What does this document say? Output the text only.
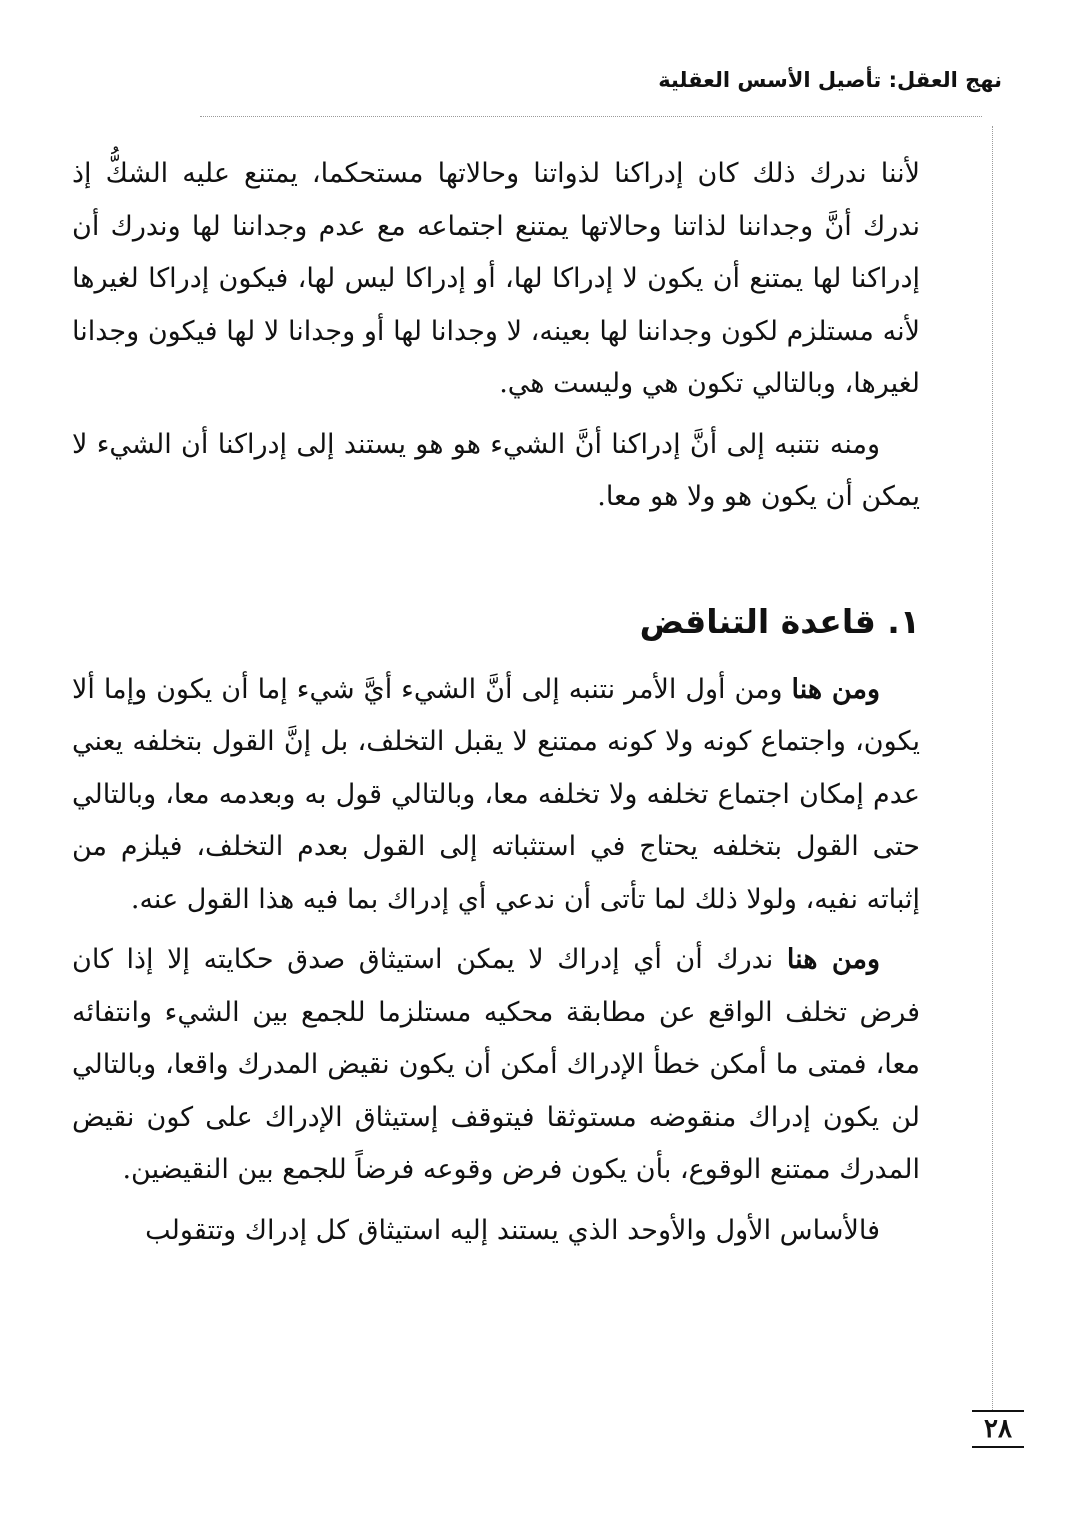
نهج العقل: تأصيل الأسس العقلية

لأننا ندرك ذلك كان إدراكنا لذواتنا وحالاتها مستحكما، يمتنع عليه الشكُّ إذ ندرك أنَّ وجداننا لذاتنا وحالاتها يمتنع اجتماعه مع عدم وجداننا لها وندرك أن إدراكنا لها يمتنع أن يكون لا إدراكا لها، أو إدراكا ليس لها، فيكون إدراكا لغيرها لأنه مستلزم لكون وجداننا لها بعينه، لا وجدانا لها أو وجدانا لا لها فيكون وجدانا لغيرها، وبالتالي تكون هي وليست هي.

ومنه نتنبه إلى أنَّ إدراكنا أنَّ الشيء هو هو يستند إلى إدراكنا أن الشيء لا يمكن أن يكون هو ولا هو معا.

١. قاعدة التناقض

ومن هنا ومن أول الأمر نتنبه إلى أنَّ الشيء أيَّ شيء إما أن يكون وإما ألا يكون، واجتماع كونه ولا كونه ممتنع لا يقبل التخلف، بل إنَّ القول بتخلفه يعني عدم إمكان اجتماع تخلفه ولا تخلفه معا، وبالتالي قول به وبعدمه معا، وبالتالي حتى القول بتخلفه يحتاج في استثباته إلى القول بعدم التخلف، فيلزم من إثباته نفيه، ولولا ذلك لما تأتى أن ندعي أي إدراك بما فيه هذا القول عنه.

ومن هنا ندرك أن أي إدراك لا يمكن استيثاق صدق حكايته إلا إذا كان فرض تخلف الواقع عن مطابقة محكيه مستلزما للجمع بين الشيء وانتفائه معا، فمتى ما أمكن خطأ الإدراك أمكن أن يكون نقيض المدرك واقعا، وبالتالي لن يكون إدراك منقوضه مستوثقا فيتوقف إستيثاق الإدراك على كون نقيض المدرك ممتنع الوقوع، بأن يكون فرض وقوعه فرضاً للجمع بين النقيضين.

فالأساس الأول والأوحد الذي يستند إليه استيثاق كل إدراك وتتقولب

٢٨
